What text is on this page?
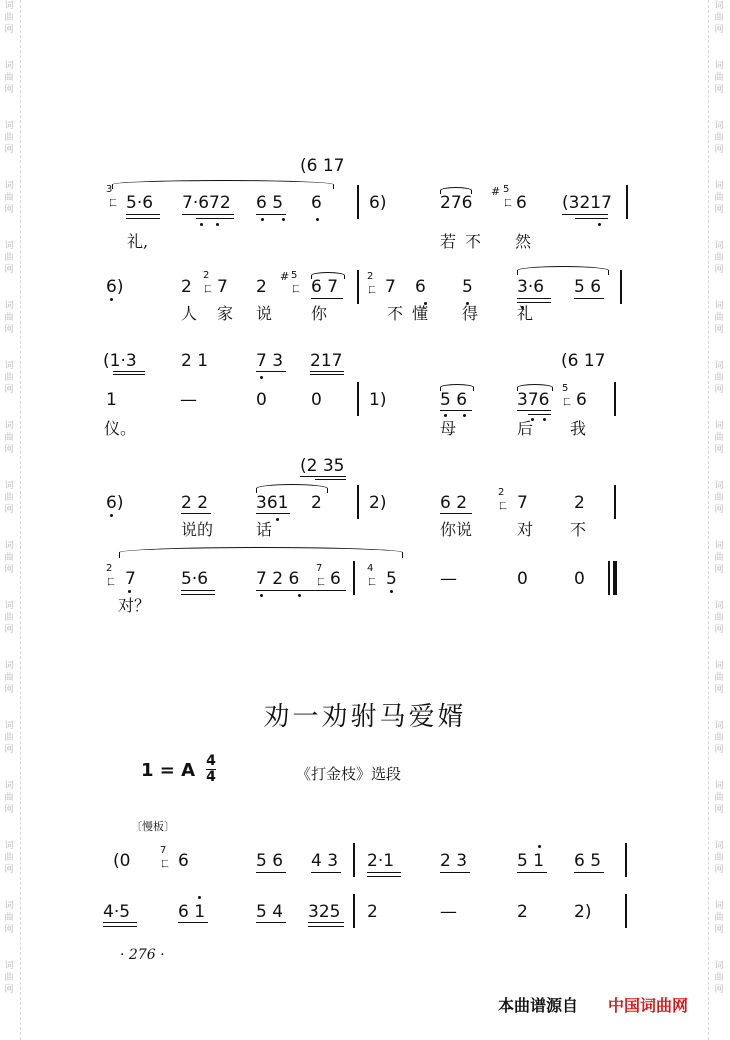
词
曲
网
词
曲
网
词
曲
网
词
曲
网
词
曲
网
词
曲
网
词
曲
网
词
曲
网
词
曲
网
词
曲
网
词
曲
网
词
曲
网
词
曲
网
词
曲
网
词
曲
网
词
曲
网
词
曲
网
词
曲
网
词
曲
网
词
曲
网
词
曲
网
词
曲
网
词
曲
网
词
曲
网
词
曲
网
词
曲
网
词
曲
网
词
曲
网
词
曲
网
词
曲
网
词
曲
网
词
曲
网
词
曲
网
词
曲
网
(6 17
3
ㄈ 5·6 7·672 6 5 6	6)	276
# 5
ㄈ 6 (3217
礼,	若 不 然
6)	2
2
ㄈ 7 2
# 5
ㄈ 6 7
2
ㄈ 7 6 5	3·6 5 6
人 家 说 你	不 懂 得 礼
(1·3	2 1	7 3 217	(6 17
1	—	0	0	1)	5 6	376
5
ㄈ 6
仪。	母	后 我
(2 35
6)	2 2	361 2	2)	6 2
2
ㄈ 7	2
说的	话	你说	对 不
2
ㄈ 7	5·6	7 2 6
7
ㄈ 6
4
ㄈ 5	—	0	0
对？
劝一劝驸马爱婿
1 = A 4
4	《打金枝》选段
〔慢板〕
(0
7
ㄈ 6	5 6 4 3 2·1	2 3	5 1 6 5
4·5	6 1	5 4 325 2	—	2	2)
· 276 ·
本曲谱源自 中国词曲网
